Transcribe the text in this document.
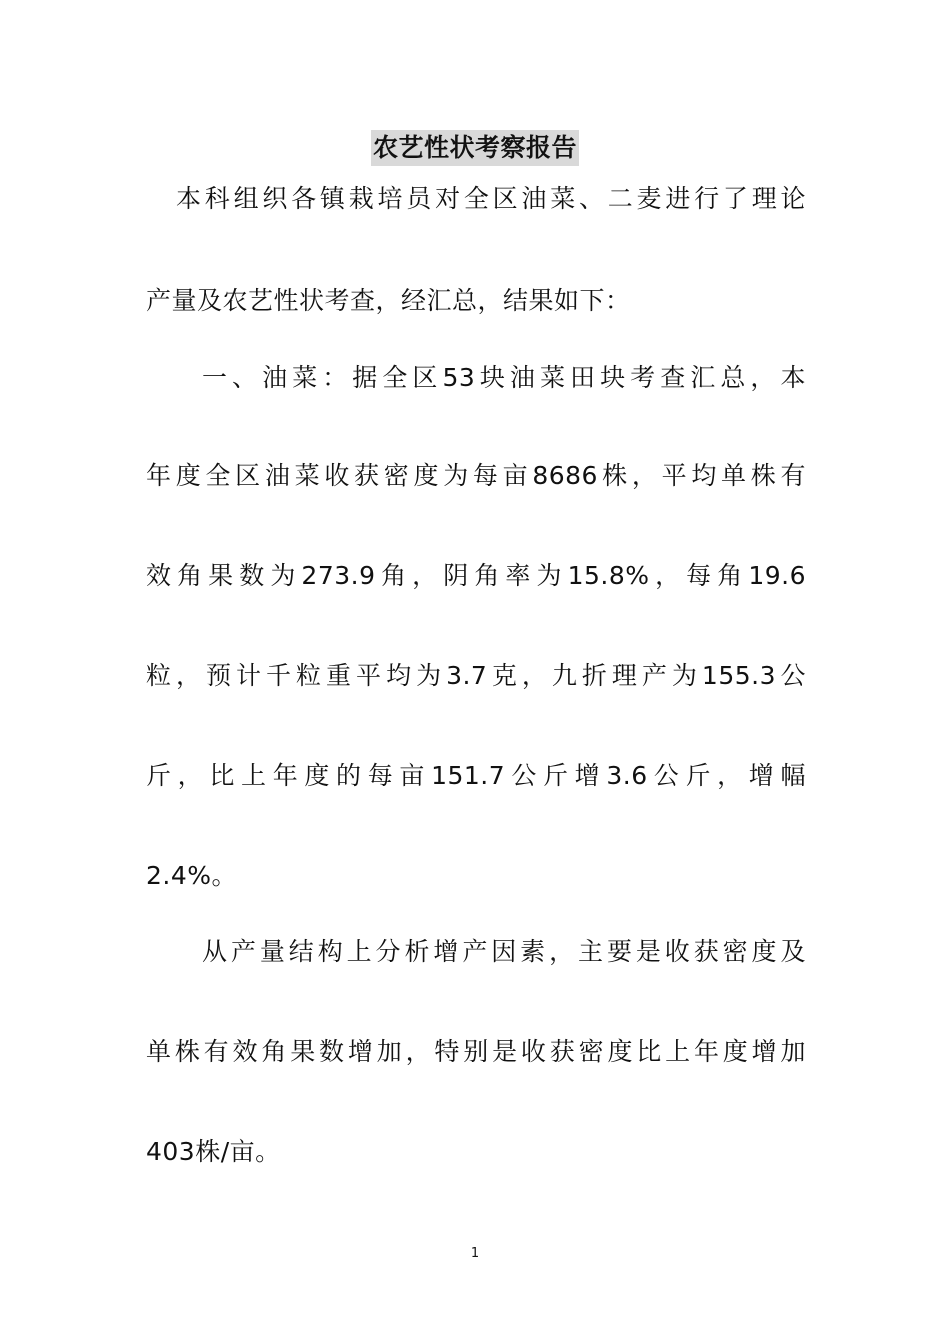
农艺性状考察报告
本科组织各镇栽培员对全区油菜、二麦进行了理论
产量及农艺性状考查，经汇总，结果如下：
一、油菜：据全区53块油菜田块考查汇总，本
年度全区油菜收获密度为每亩8686株，平均单株有
效角果数为273.9角，阴角率为15.8%，每角19.6
粒，预计千粒重平均为3.7克，九折理产为155.3公
斤，比上年度的每亩151.7公斤增3.6公斤，增幅
2.4%。
从产量结构上分析增产因素，主要是收获密度及
单株有效角果数增加，特别是收获密度比上年度增加
403株/亩。
1
